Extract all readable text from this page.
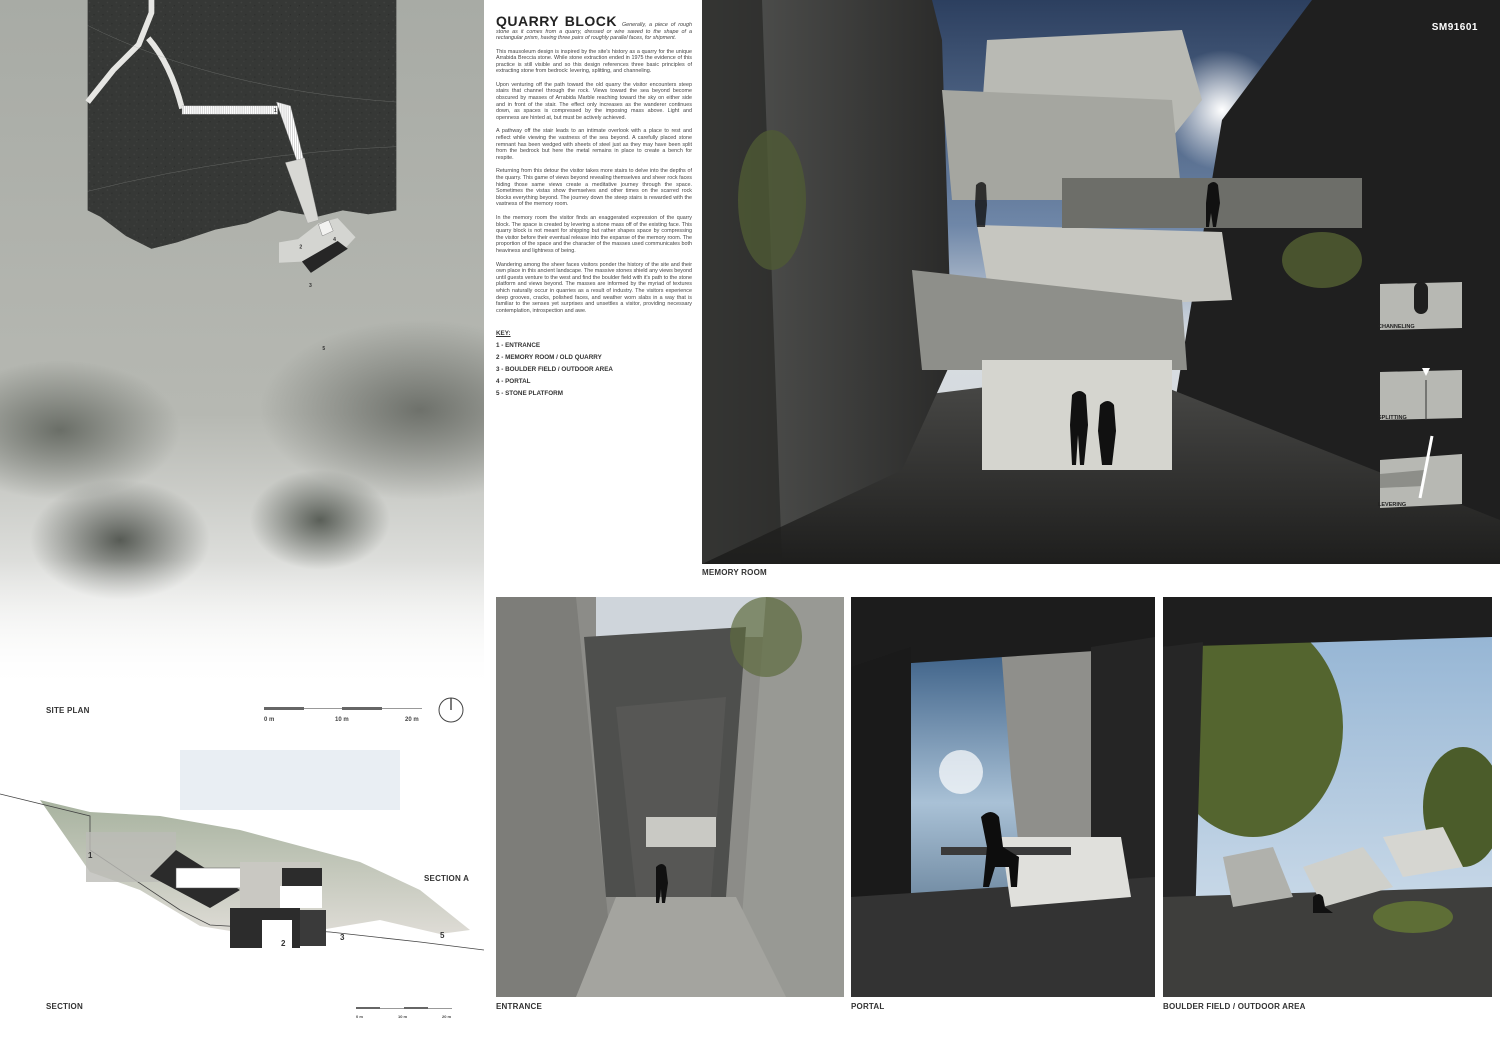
1
2
3
4
5
SITE PLAN
0 m	10 m	20 m
1
2
3
4
5
SECTION A
SECTION
0 m	10 m	20 m
QUARRY BLOCK Generally, a piece of rough stone as it comes from a quarry, dressed or wire sawed to the shape of a rectangular prism, having three pairs of roughly parallel faces, for shipment.

This mausoleum design is inspired by the site's history as a quarry for the unique Arrabida Breccia stone. While stone extraction ended in 1975 the evidence of this practice is still visible and so this design references three basic principles of extracting stone from bedrock: levering, splitting, and channeling.

Upon venturing off the path toward the old quarry the visitor encounters steep stairs that channel through the rock. Views toward the sea beyond become obscured by masses of Arrabida Marble reaching toward the sky on either side and in front of the stair. The effect only increases as the wanderer continues down, as spaces is compressed by the imposing mass above. Light and openness are hinted at, but must be actively achieved.

A pathway off the stair leads to an intimate overlook with a place to rest and reflect while viewing the vastness of the sea beyond. A carefully placed stone remnant has been wedged with sheets of steel just as they may have been split from the bedrock but here the metal remains in place to create a bench for respite.

Returning from this detour the visitor takes more stairs to delve into the depths of the quarry. This game of views beyond revealing themselves and sheer rock faces hiding those same views create a meditative journey through the space. Sometimes the vistas show themselves and other times on the scarred rock blocks everything beyond. The journey down the steep stairs is rewarded with the vastness of the memory room.

In the memory room the visitor finds an exaggerated expression of the quarry block. The space is created by levering a stone mass off of the existing face. This quarry block is not meant for shipping but rather shapes space by compressing the visitor before their eventual release into the expanse of the memory room. The proportion of the space and the character of the masses used communicates both heaviness and lightness of being.

Wandering among the sheer faces visitors ponder the history of the site and their own place in this ancient landscape. The massive stones shield any views beyond until guests venture to the west and find the boulder field with it's path to the stone platform and views beyond. The masses are informed by the myriad of textures which naturally occur in quarries as a result of industry. The visitors experience deep grooves, cracks, polished faces, and weather worn slabs in a way that is familiar to the senses yet surprises and unsettles a visitor, providing necessary contemplation, introspection and awe.

KEY:
1 - ENTRANCE
2 - MEMORY ROOM / OLD QUARRY
3 - BOULDER FIELD / OUTDOOR AREA
4 - PORTAL
5 - STONE PLATFORM
SM91601
CHANNELING
SPLITTING
LEVERING
MEMORY ROOM
ENTRANCE	PORTAL	BOULDER FIELD / OUTDOOR AREA
